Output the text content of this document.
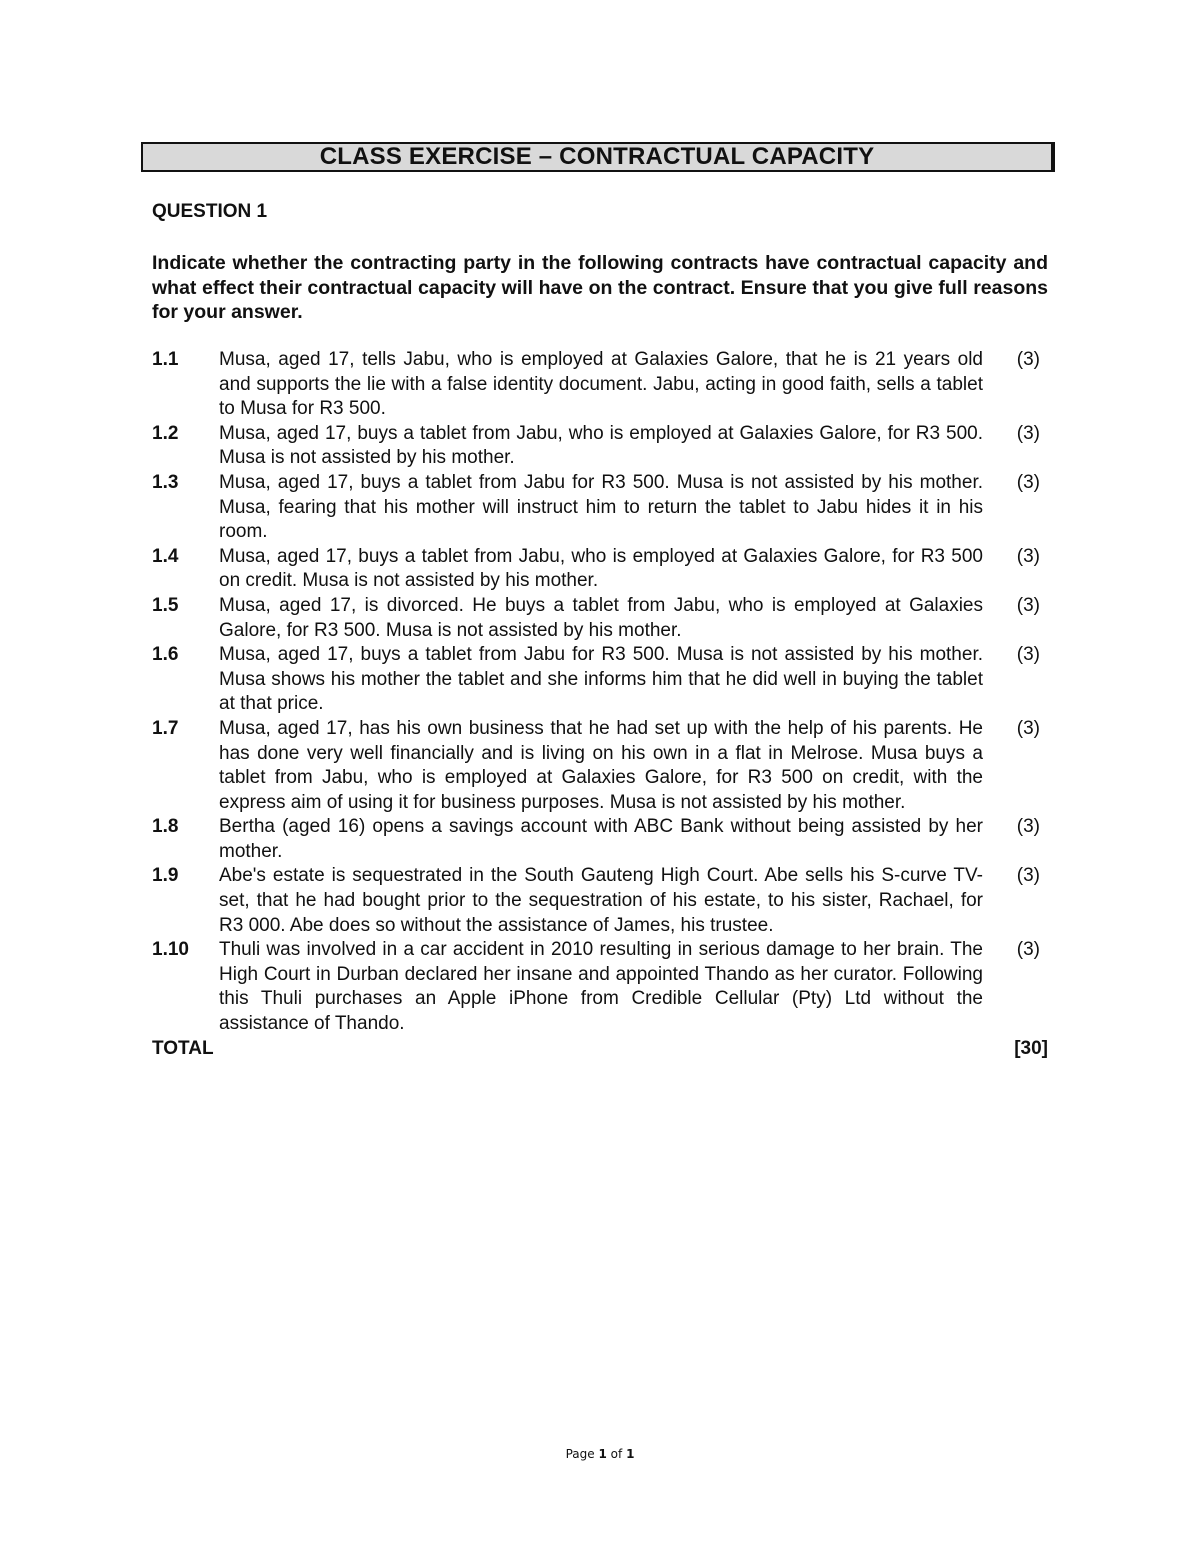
CLASS EXERCISE – CONTRACTUAL CAPACITY
QUESTION 1
Indicate whether the contracting party in the following contracts have contractual capacity and what effect their contractual capacity will have on the contract. Ensure that you give full reasons for your answer.
1.1	Musa, aged 17, tells Jabu, who is employed at Galaxies Galore, that he is 21 years old and supports the lie with a false identity document. Jabu, acting in good faith, sells a tablet to Musa for R3 500.
(3)
1.2	Musa, aged 17, buys a tablet from Jabu, who is employed at Galaxies Galore, for R3 500. Musa is not assisted by his mother.
(3)
1.3	Musa, aged 17, buys a tablet from Jabu for R3 500. Musa is not assisted by his mother. Musa, fearing that his mother will instruct him to return the tablet to Jabu hides it in his room.
(3)
1.4	Musa, aged 17, buys a tablet from Jabu, who is employed at Galaxies Galore, for R3 500 on credit. Musa is not assisted by his mother.
(3)
1.5	Musa, aged 17, is divorced. He buys a tablet from Jabu, who is employed at Galaxies Galore, for R3 500. Musa is not assisted by his mother.
(3)
1.6	Musa, aged 17, buys a tablet from Jabu for R3 500. Musa is not assisted by his mother. Musa shows his mother the tablet and she informs him that he did well in buying the tablet at that price.
(3)
1.7	Musa, aged 17, has his own business that he had set up with the help of his parents. He has done very well financially and is living on his own in a flat in Melrose. Musa buys a tablet from Jabu, who is employed at Galaxies Galore, for R3 500 on credit, with the express aim of using it for business purposes. Musa is not assisted by his mother.
(3)
1.8	Bertha (aged 16) opens a savings account with ABC Bank without being assisted by her mother.
(3)
1.9	Abe's estate is sequestrated in the South Gauteng High Court. Abe sells his S-curve TV-set, that he had bought prior to the sequestration of his estate, to his sister, Rachael, for R3 000. Abe does so without the assistance of James, his trustee.
(3)
1.10	Thuli was involved in a car accident in 2010 resulting in serious damage to her brain. The High Court in Durban declared her insane and appointed Thando as her curator. Following this Thuli purchases an Apple iPhone from Credible Cellular (Pty) Ltd without the assistance of Thando.
(3)
TOTAL	[30]
Page 1 of 1
